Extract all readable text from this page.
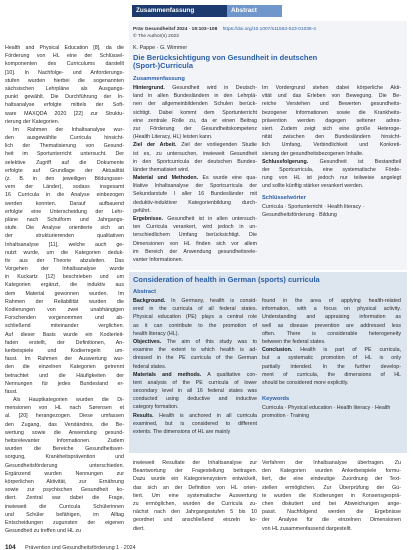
Health and Physical Education [8], da die
Förderung von HL eine der Schlüssel-
komponenten des Curriculums darstellt
[10]. In Nachfolge- und Anforderungs-
stufen wurden hierbei die sogenannten
sächsischen Lehrpläne als Ausgangs-
punkt gewählt. Die Durchführung der In-
haltsanalyse erfolgte mittels der Soft-
ware MAXQDA 2020 [22] zur Struktu-
rierung der Kategorien.
Im Rahmen der Inhaltsanalyse wur-
den ausgewählte Curricula hinsicht-
lich der Thematisierung von Gesund-
heit im Sportunterricht untersucht. Der
selektive Zugriff auf die Dokumente
erfolgte auf Grundlage der Aktualität
(z. B. in den jeweiligen Bildungsser-
vern der Länder), sodass insgesamt
16 Curricula in die Analyse einbezogen
werden konnten. Darauf aufbauend
erfolgte eine Unterscheidung der Lehr-
pläne nach Schulform und Jahrgangs-
stufe. Die Analyse orientierte sich an
der strukturierenden qualitativen
Inhaltsanalyse [11], welche auch ge-
nutzt wurde, um die Kategorien deduk-
tiv aus der Theorie abzuleiten. Das
Vorgehen der Inhaltsanalyse wurde
in Kuckartz [12] beschrieben und um
Kategorien ergänzt, die induktiv aus
dem Material gewonnen wurden. Im
Rahmen der Reliabilität wurden die
Kodierungen von zwei unabhängigen
Forschenden vorgenommen und ab-
schließend miteinander verglichen.
Auf dieser Basis wurde ein Kodierleit-
faden erstellt, der Definitionen, An-
kerbeispiele und Kodierregeln um-
fasst. Im Rahmen der Auswertung wur-
den die einzelnen Kategorien getrennt
betrachtet und die Häufigkeiten der
Nennungen für jedes Bundesland er-
fasst.
Als Hauptkategorien wurden die Di-
mensionen von HL nach Sørensen et
al. [20] herangezogen. Diese umfassen
den Zugang, das Verständnis, die Be-
wertung sowie die Anwendung gesund-
heitsrelevanter Informationen. Zudem
wurden die Bereiche Gesundheitsver-
sorgung, Krankheitsprävention und
Gesundheitsförderung unterschieden.
Ergänzend wurden Nennungen zur
körperlichen Aktivität, zur Ernährung
sowie zur psychischen Gesundheit ko-
diert. Zentral war dabei die Frage,
inwieweit die Curricula Schülerinnen
und Schüler befähigen, im Alltag
Entscheidungen zugunsten der eigenen
Gesundheit zu treffen und HL zu
Zusammenfassung	Abstract
Präv Gesundheitsf 2024 · 19:103–108 https://doi.org/10.1007/s11553-023-01038-4
© The Author(s) 2023
K. Pappe · G. Wimmer
Die Berücksichtigung von Gesundheit in deutschen (Sport-)Curricula
Zusammenfassung
Hintergrund. Gesundheit wird in Deutsch-
land in allen Bundesländern in den Lehrplä-
nen der allgemeinbildenden Schulen berück-
sichtigt. Dabei kommt dem Sportunterricht
eine zentrale Rolle zu, da er einen Beitrag
zur Förderung der Gesundheitskompetenz
(Health Literacy, HL) leisten kann.
Ziel der Arbeit. Ziel der vorliegenden Studie
ist es, zu untersuchen, inwieweit Gesundheit
in den Sportcurricula der deutschen Bundes-
länder thematisiert wird.
Material und Methoden. Es wurde eine qua-
litative Inhaltsanalyse der Sportcurricula der
Sekundarstufe I aller 16 Bundesländer mit
deduktiv-induktiver Kategorienbildung durch-
geführt.
Ergebnisse. Gesundheit ist in allen untersuch-
ten Curricula verankert, wird jedoch in un-
terschiedlichem Umfang berücksichtigt. Die
Dimensionen von HL finden sich vor allem
im Bereich der Anwendung gesundheitsrele-
vanter Informationen.
Im Vordergrund stehen dabei körperliche Akti-
vität und das Erleben von Bewegung. Die Be-
reiche Verstehen und Bewerten gesundheits-
bezogener Informationen sowie die Krankheits-
prävention werden dagegen seltener adres-
siert. Zudem zeigt sich eine große Heteroge-
nität zwischen den Bundesländern hinsicht-
lich Umfang, Verbindlichkeit und Konkreti-
sierung der gesundheitsbezogenen Inhalte.
Schlussfolgerung. Gesundheit ist Bestandteil
der Sportcurricula, eine systematische Förde-
rung von HL ist jedoch nur teilweise angelegt
und sollte künftig stärker verankert werden.
Schlüsselwörter
Curricula · Sportunterricht · Health literacy · Gesundheitsförderung · Bildung
Consideration of health in German (sports) curricula
Abstract
Background. In Germany, health is consid-
ered in the curricula of all federal states.
Physical education (PE) plays a central role
as it can contribute to the promotion of
health literacy (HL).
Objectives. The aim of this study was to
examine the extent to which health is ad-
dressed in the PE curricula of the German
federal states.
Materials and methods. A qualitative con-
tent analysis of the PE curricula of lower
secondary level in all 16 federal states was
conducted using deductive and inductive
category formation.
Results. Health is anchored in all curricula
examined, but is considered to different
extents. The dimensions of HL are mainly
found in the area of applying health-related
information, with a focus on physical activity.
Understanding and appraising information as
well as disease prevention are addressed less
often. There is considerable heterogeneity
between the federal states.
Conclusion. Health is part of PE curricula,
but a systematic promotion of HL is only
partially intended. In the further develop-
ment of curricula, the dimensions of HL
should be considered more explicitly.
Keywords
Curricula · Physical education · Health literacy · Health promotion · Training
inwieweit Resultate der Inhaltsanalyse zur
Beantwortung der Fragestellung beitragen.
Dazu wurde ein Kategoriensystem entwickelt,
das sich an der Definition von HL orien-
tiert. Um eine systematische Auswertung
zu ermöglichen, wurden die Curricula zu-
nächst nach den Jahrgangsstufen 5 bis 10
geordnet und anschließend einzeln ko-
diert.
Verfahren der Inhaltsanalyse übertragen. Zu
den Kategorien wurden Ankerbeispiele formu-
liert, die eine eindeutige Zuordnung der Text-
stellen ermöglichen. Zur Überprüfung der Gü-
te wurden die Kodierungen in Konsensgesprä-
chen diskutiert und bei Abweichungen ange-
passt. Nachfolgend werden die Ergebnisse
der Analyse für die einzelnen Dimensionen
von HL zusammenfassend dargestellt.
104 Prävention und Gesundheitsförderung 1 · 2024
